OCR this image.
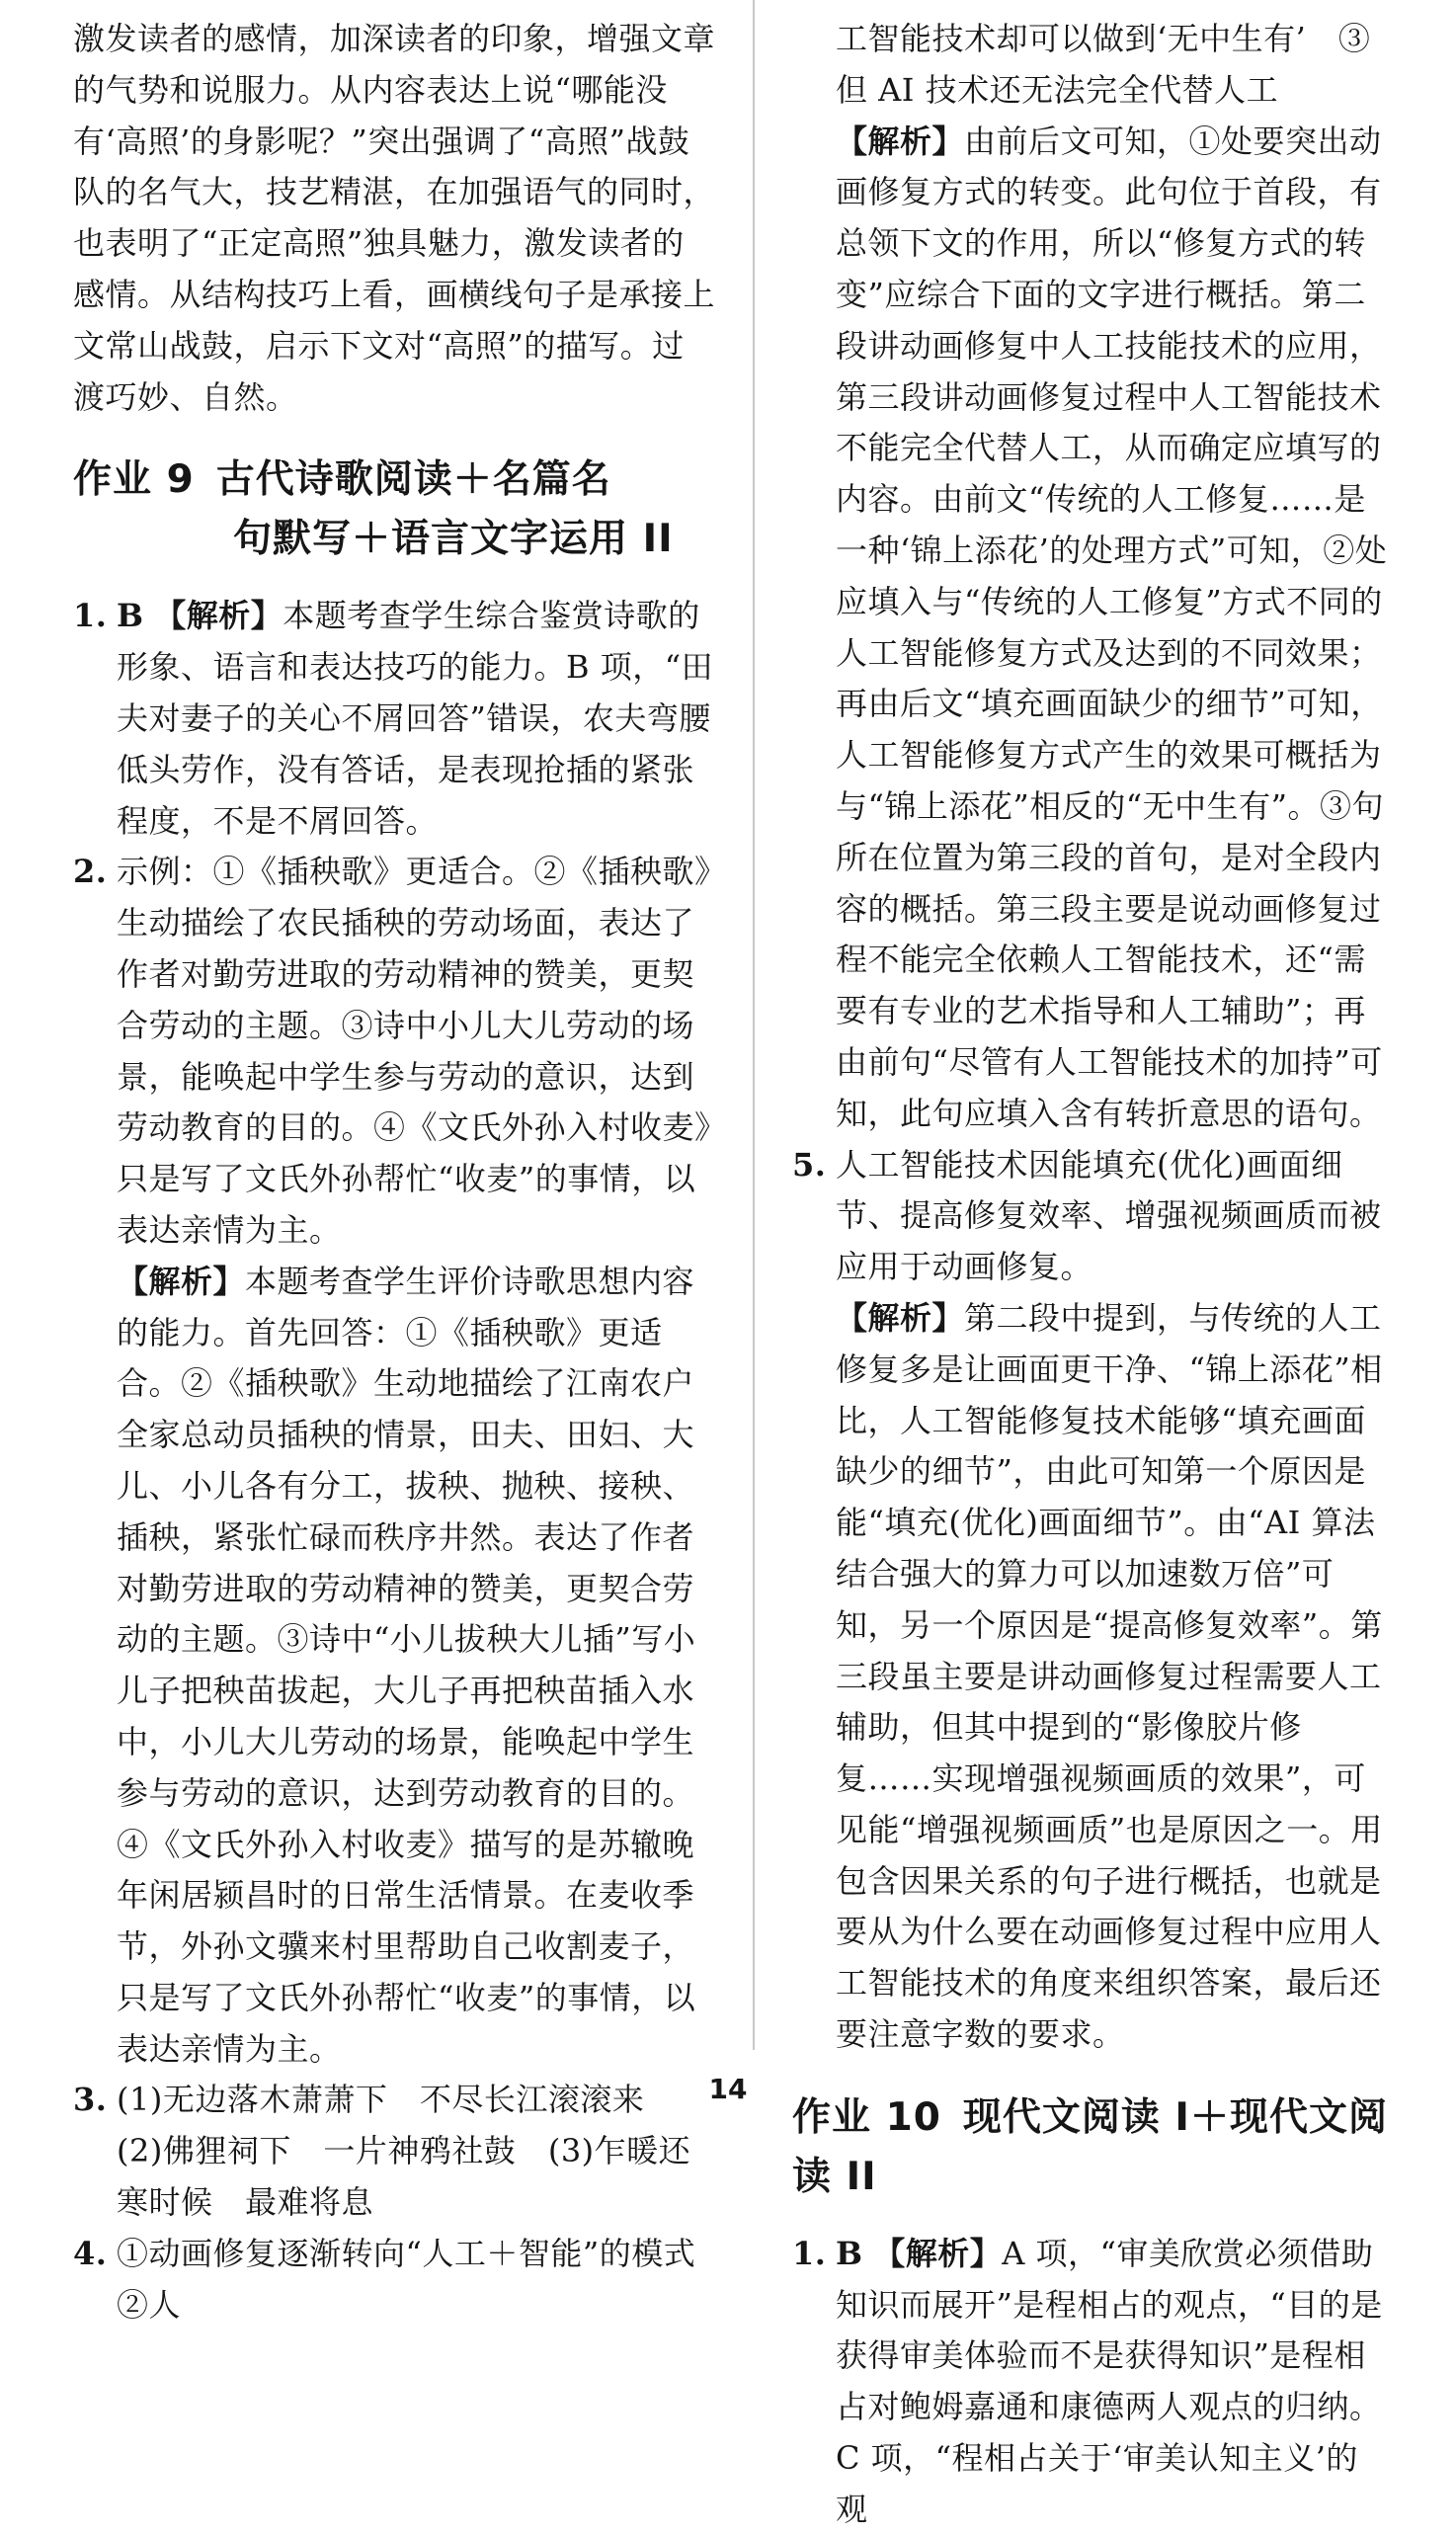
激发读者的感情，加深读者的印象，增强文章的气势和说服力。从内容表达上说“哪能没有‘高照’的身影呢？”突出强调了“高照”战鼓队的名气大，技艺精湛，在加强语气的同时，也表明了“正定高照”独具魅力，激发读者的感情。从结构技巧上看，画横线句子是承接上文常山战鼓，启示下文对“高照”的描写。过渡巧妙、自然。

作业 9 古代诗歌阅读＋名篇名
句默写＋语言文字运用 II
1. B 【解析】本题考查学生综合鉴赏诗歌的形象、语言和表达技巧的能力。B 项，“田夫对妻子的关心不屑回答”错误，农夫弯腰低头劳作，没有答话，是表现抢插的紧张程度，不是不屑回答。
2. 示例：①《插秧歌》更适合。②《插秧歌》生动描绘了农民插秧的劳动场面，表达了作者对勤劳进取的劳动精神的赞美，更契合劳动的主题。③诗中小儿大儿劳动的场景，能唤起中学生参与劳动的意识，达到劳动教育的目的。④《文氏外孙入村收麦》只是写了文氏外孙帮忙“收麦”的事情，以表达亲情为主。
【解析】本题考查学生评价诗歌思想内容的能力。首先回答：①《插秧歌》更适合。②《插秧歌》生动地描绘了江南农户全家总动员插秧的情景，田夫、田妇、大儿、小儿各有分工，拔秧、抛秧、接秧、插秧，紧张忙碌而秩序井然。表达了作者对勤劳进取的劳动精神的赞美，更契合劳动的主题。③诗中“小儿拔秧大儿插”写小儿子把秧苗拔起，大儿子再把秧苗插入水中，小儿大儿劳动的场景，能唤起中学生参与劳动的意识，达到劳动教育的目的。④《文氏外孙入村收麦》描写的是苏辙晚年闲居颍昌时的日常生活情景。在麦收季节，外孙文骥来村里帮助自己收割麦子，只是写了文氏外孙帮忙“收麦”的事情，以表达亲情为主。
3. (1)无边落木萧萧下　不尽长江滚滚来　(2)佛狸祠下　一片神鸦社鼓　(3)乍暖还寒时候　最难将息
4. ①动画修复逐渐转向“人工＋智能”的模式　②人
工智能技术却可以做到‘无中生有’　③但 AI 技术还无法完全代替人工
【解析】由前后文可知，①处要突出动画修复方式的转变。此句位于首段，有总领下文的作用，所以“修复方式的转变”应综合下面的文字进行概括。第二段讲动画修复中人工技能技术的应用，第三段讲动画修复过程中人工智能技术不能完全代替人工，从而确定应填写的内容。由前文“传统的人工修复……是一种‘锦上添花’的处理方式”可知，②处应填入与“传统的人工修复”方式不同的人工智能修复方式及达到的不同效果；再由后文“填充画面缺少的细节”可知，人工智能修复方式产生的效果可概括为与“锦上添花”相反的“无中生有”。③句所在位置为第三段的首句，是对全段内容的概括。第三段主要是说动画修复过程不能完全依赖人工智能技术，还“需要有专业的艺术指导和人工辅助”；再由前句“尽管有人工智能技术的加持”可知，此句应填入含有转折意思的语句。
5. 人工智能技术因能填充(优化)画面细节、提高修复效率、增强视频画质而被应用于动画修复。
【解析】第二段中提到，与传统的人工修复多是让画面更干净、“锦上添花”相比，人工智能修复技术能够“填充画面缺少的细节”，由此可知第一个原因是能“填充(优化)画面细节”。由“AI 算法结合强大的算力可以加速数万倍”可知，另一个原因是“提高修复效率”。第三段虽主要是讲动画修复过程需要人工辅助，但其中提到的“影像胶片修复……实现增强视频画质的效果”，可见能“增强视频画质”也是原因之一。用包含因果关系的句子进行概括，也就是要从为什么要在动画修复过程中应用人工智能技术的角度来组织答案，最后还要注意字数的要求。
作业 10 现代文阅读 I＋现代文阅读 II
1. B 【解析】A 项，“审美欣赏必须借助知识而展开”是程相占的观点，“目的是获得审美体验而不是获得知识”是程相占对鲍姆嘉通和康德两人观点的归纳。C 项，“程相占关于‘审美认知主义’的观
14
